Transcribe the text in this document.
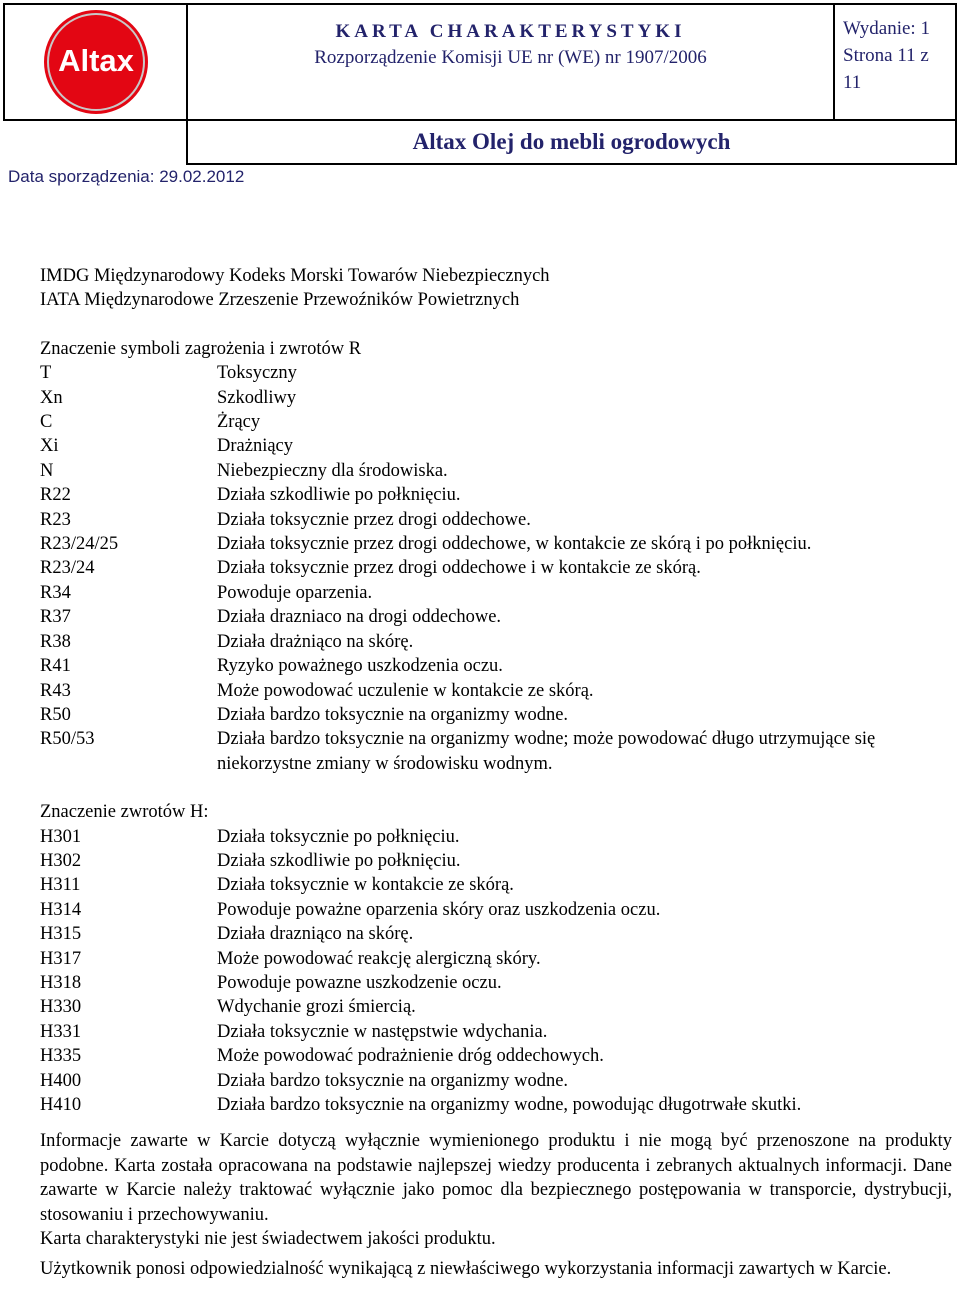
Altax
KARTA CHARAKTERYSTYKI
Rozporządzenie Komisji UE nr (WE) nr 1907/2006
Wydanie: 1
Strona 11 z 11
Data sporządzenia: 29.02.2012
Altax Olej do mebli ogrodowych
IMDG Międzynarodowy Kodeks Morski Towarów Niebezpiecznych
IATA Międzynarodowe Zrzeszenie Przewoźników Powietrznych
Znaczenie symboli zagrożenia i zwrotów R
T	Toksyczny
Xn	Szkodliwy
C	Żrący
Xi	Drażniący
N	Niebezpieczny dla środowiska.
R22	Działa szkodliwie po połknięciu.
R23	Działa toksycznie przez drogi oddechowe.
R23/24/25	Działa toksycznie przez drogi oddechowe, w kontakcie ze skórą i po połknięciu.
R23/24	Działa toksycznie przez drogi oddechowe i w kontakcie ze skórą.
R34	Powoduje oparzenia.
R37	Działa drazniaco na drogi oddechowe.
R38	Działa drażniąco na skórę.
R41	Ryzyko poważnego uszkodzenia oczu.
R43	Może powodować uczulenie w kontakcie ze skórą.
R50	Działa bardzo toksycznie na organizmy wodne.
R50/53	Działa bardzo toksycznie na organizmy wodne; może powodować długo utrzymujące się niekorzystne zmiany w środowisku wodnym.
Znaczenie zwrotów H:
H301	Działa toksycznie po połknięciu.
H302	Działa szkodliwie po połknięciu.
H311	Działa toksycznie w kontakcie ze skórą.
H314	Powoduje poważne oparzenia skóry oraz uszkodzenia oczu.
H315	Działa drazniąco na skórę.
H317	Może powodować reakcję alergiczną skóry.
H318	Powoduje powazne uszkodzenie oczu.
H330	Wdychanie grozi śmiercią.
H331	Działa toksycznie w następstwie wdychania.
H335	Może powodować podrażnienie dróg oddechowych.
H400	Działa bardzo toksycznie na organizmy wodne.
H410	Działa bardzo toksycznie na organizmy wodne, powodując długotrwałe skutki.
Informacje zawarte w Karcie dotyczą wyłącznie wymienionego produktu i nie mogą być przenoszone na produkty podobne. Karta została opracowana na podstawie najlepszej wiedzy producenta i zebranych aktualnych informacji. Dane zawarte w Karcie należy traktować wyłącznie jako pomoc dla bezpiecznego postępowania w transporcie, dystrybucji, stosowaniu i przechowywaniu.
Karta charakterystyki nie jest świadectwem jakości produktu.
Użytkownik ponosi odpowiedzialność wynikającą z niewłaściwego wykorzystania informacji zawartych w Karcie.
